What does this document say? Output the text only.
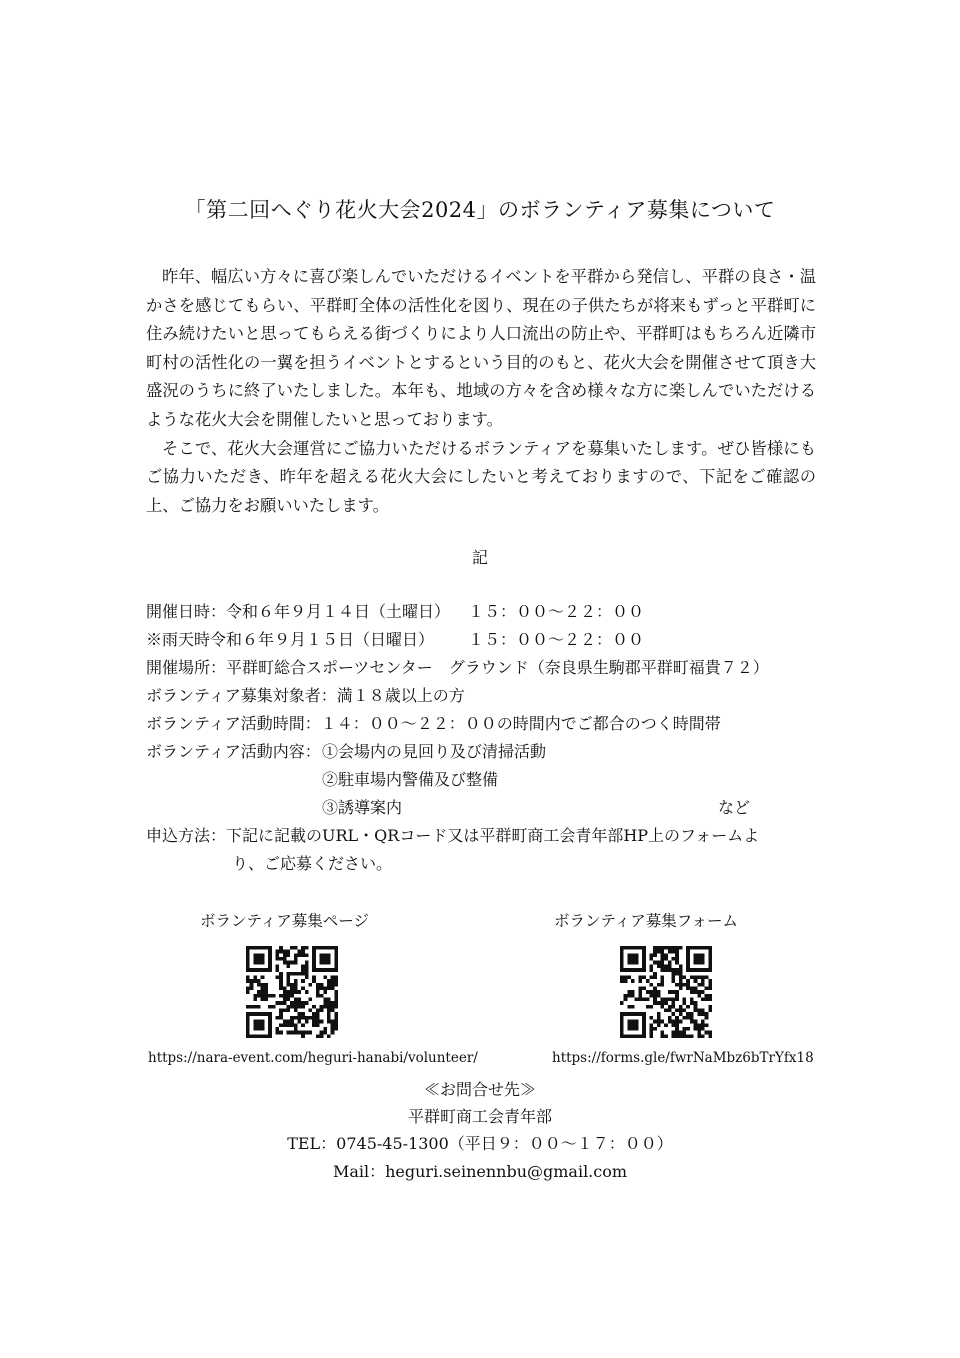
「第二回へぐり花火大会2024」のボランティア募集について

昨年、幅広い方々に喜び楽しんでいただけるイベントを平群から発信し、平群の良さ・温かさを感じてもらい、平群町全体の活性化を図り、現在の子供たちが将来もずっと平群町に住み続けたいと思ってもらえる街づくりにより人口流出の防止や、平群町はもちろん近隣市町村の活性化の一翼を担うイベントとするという目的のもと、花火大会を開催させて頂き大盛況のうちに終了いたしました。本年も、地域の方々を含め様々な方に楽しんでいただけるような花火大会を開催したいと思っております。

そこで、花火大会運営にご協力いただけるボランティアを募集いたします。ぜひ皆様にもご協力いただき、昨年を超える花火大会にしたいと考えておりますので、下記をご確認の上、ご協力をお願いいたします。

記
開催日時：令和６年９月１４日（土曜日） １５：００～２２：００
※雨天時令和６年９月１５日（日曜日） １５：００～２２：００
開催場所：平群町総合スポーツセンター　グラウンド（奈良県生駒郡平群町福貴７２）
ボランティア募集対象者：満１８歳以上の方
ボランティア活動時間：１４：００～２２：００の時間内でご都合のつく時間帯
ボランティア活動内容： ①会場内の見回り及び清掃活動
②駐車場内警備及び整備
③誘導案内	など
申込方法：下記に記載のURL・QRコード又は平群町商工会青年部HP上のフォームよ
り、ご応募ください。
ボランティア募集ページ	ボランティア募集フォーム
https://nara-event.com/heguri-hanabi/volunteer/	https://forms.gle/fwrNaMbz6bTrYfx18
≪お問合せ先≫
平群町商工会青年部
TEL：0745-45-1300（平日９：００～１７：００）
Mail：heguri.seinennbu@gmail.com
